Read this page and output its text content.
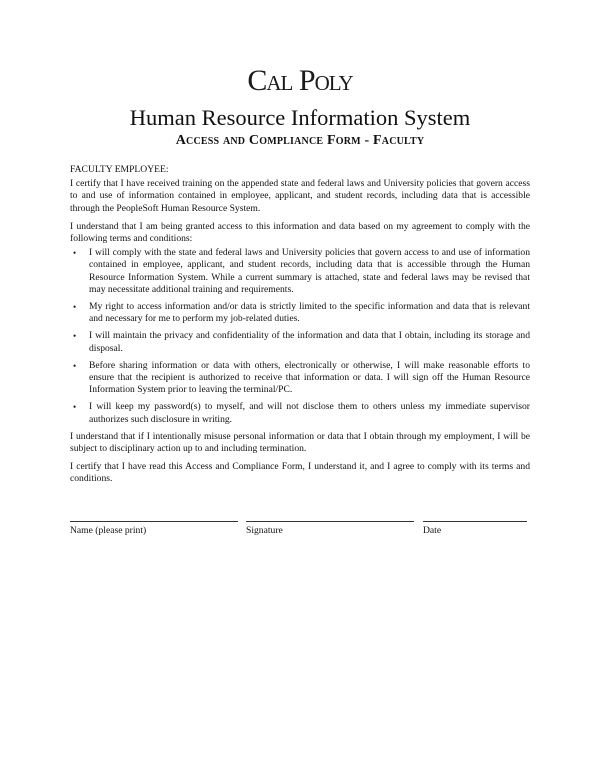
Cal Poly
Human Resource Information System
Access and Compliance Form - Faculty
FACULTY EMPLOYEE:

I certify that I have received training on the appended state and federal laws and University policies that govern access to and use of information contained in employee, applicant, and student records, including data that is accessible through the PeopleSoft Human Resource System.

I understand that I am being granted access to this information and data based on my agreement to comply with the following terms and conditions:

• I will comply with the state and federal laws and University policies that govern access to and use of information contained in employee, applicant, and student records, including data that is accessible through the Human Resource Information System. While a current summary is attached, state and federal laws may be revised that may necessitate additional training and requirements.
• My right to access information and/or data is strictly limited to the specific information and data that is relevant and necessary for me to perform my job-related duties.
• I will maintain the privacy and confidentiality of the information and data that I obtain, including its storage and disposal.
• Before sharing information or data with others, electronically or otherwise, I will make reasonable efforts to ensure that the recipient is authorized to receive that information or data. I will sign off the Human Resource Information System prior to leaving the terminal/PC.
• I will keep my password(s) to myself, and will not disclose them to others unless my immediate supervisor authorizes such disclosure in writing.

I understand that if I intentionally misuse personal information or data that I obtain through my employment, I will be subject to disciplinary action up to and including termination.

I certify that I have read this Access and Compliance Form, I understand it, and I agree to comply with its terms and conditions.

Name (please print)	Signature	Date
